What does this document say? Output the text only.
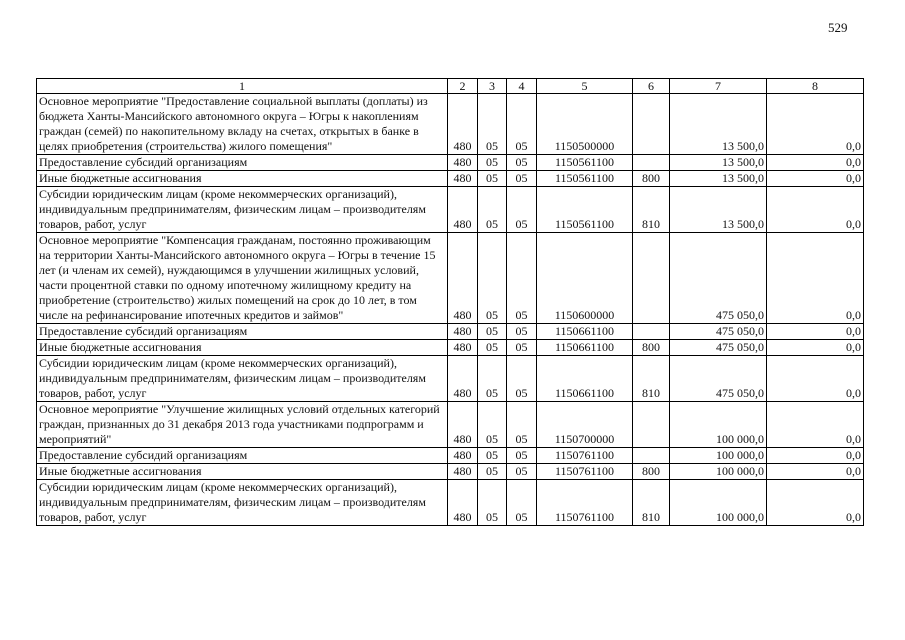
529
1	2	3	4	5	6	7	8
Основное мероприятие "Предоставление социальной выплаты (доплаты) из бюджета Ханты-Мансийского автономного округа – Югры к накоплениям граждан (семей) по накопительному вкладу на счетах, открытых в банке в целях приобретения (строительства) жилого помещения"	480	05	05	1150500000		13 500,0	0,0
Предоставление субсидий организациям	480	05	05	1150561100		13 500,0	0,0
Иные бюджетные ассигнования	480	05	05	1150561100	800	13 500,0	0,0
Субсидии юридическим лицам (кроме некоммерческих организаций), индивидуальным предпринимателям, физическим лицам – производителям товаров, работ, услуг	480	05	05	1150561100	810	13 500,0	0,0
Основное мероприятие "Компенсация гражданам, постоянно проживающим на территории Ханты-Мансийского автономного округа – Югры в течение 15 лет (и членам их семей), нуждающимся в улучшении жилищных условий, части процентной ставки по одному ипотечному жилищному кредиту на приобретение (строительство) жилых помещений на срок до 10 лет, в том числе на рефинансирование ипотечных кредитов и займов"	480	05	05	1150600000		475 050,0	0,0
Предоставление субсидий организациям	480	05	05	1150661100		475 050,0	0,0
Иные бюджетные ассигнования	480	05	05	1150661100	800	475 050,0	0,0
Субсидии юридическим лицам (кроме некоммерческих организаций), индивидуальным предпринимателям, физическим лицам – производителям товаров, работ, услуг	480	05	05	1150661100	810	475 050,0	0,0
Основное мероприятие "Улучшение жилищных условий отдельных категорий граждан, признанных до 31 декабря 2013 года участниками подпрограмм и мероприятий"	480	05	05	1150700000		100 000,0	0,0
Предоставление субсидий организациям	480	05	05	1150761100		100 000,0	0,0
Иные бюджетные ассигнования	480	05	05	1150761100	800	100 000,0	0,0
Субсидии юридическим лицам (кроме некоммерческих организаций), индивидуальным предпринимателям, физическим лицам – производителям товаров, работ, услуг	480	05	05	1150761100	810	100 000,0	0,0
